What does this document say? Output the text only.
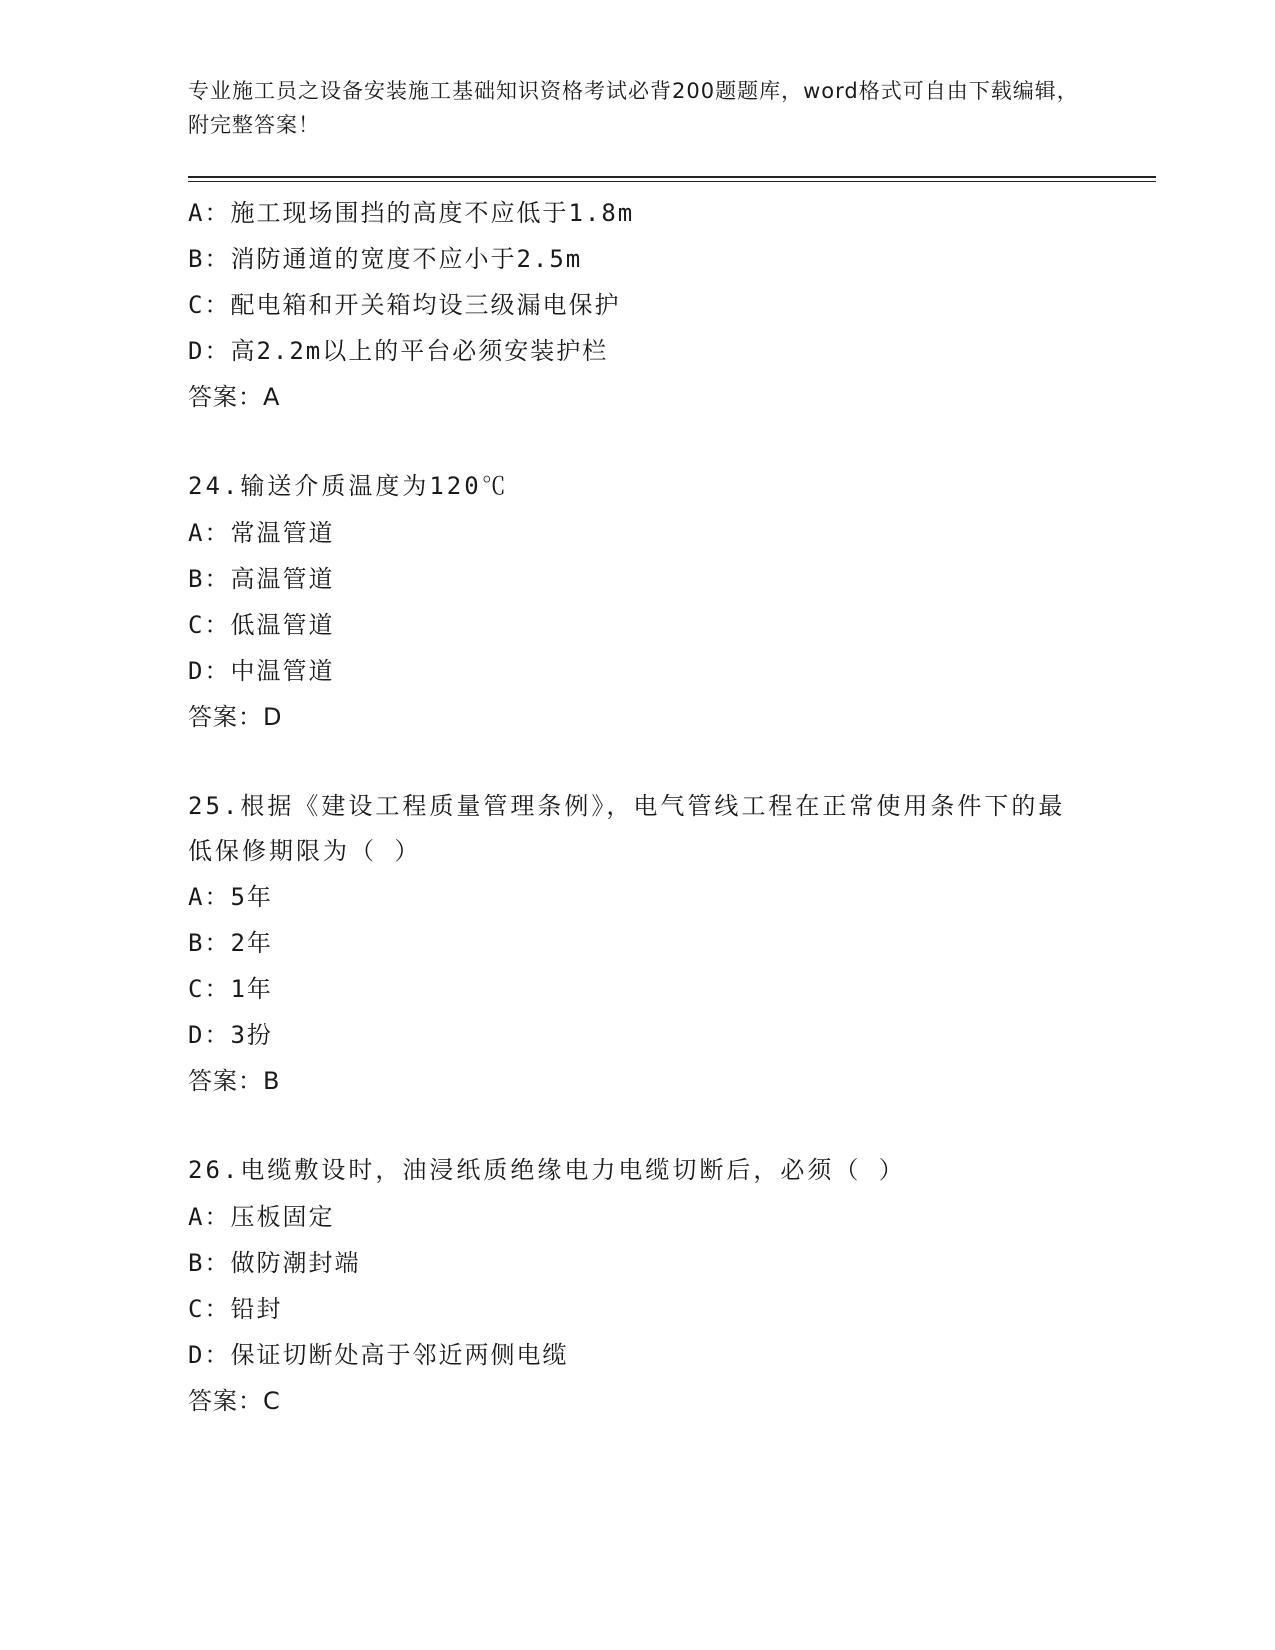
专业施工员之设备安装施工基础知识资格考试必背200题题库，word格式可自由下载编辑，附完整答案！
A：施工现场围挡的高度不应低于1.8m
B：消防通道的宽度不应小于2.5m
C：配电箱和开关箱均设三级漏电保护
D：高2.2m以上的平台必须安装护栏
答案：A
24.输送介质温度为120℃
A：常温管道
B：高温管道
C：低温管道
D：中温管道
答案：D
25.根据《建设工程质量管理条例》，电气管线工程在正常使用条件下的最低保修期限为（ ）
A：5年
B：2年
C：1年
D：3扮
答案：B
26.电缆敷设时，油浸纸质绝缘电力电缆切断后，必须（ ）
A：压板固定
B：做防潮封端
C：铅封
D：保证切断处高于邻近两侧电缆
答案：C
